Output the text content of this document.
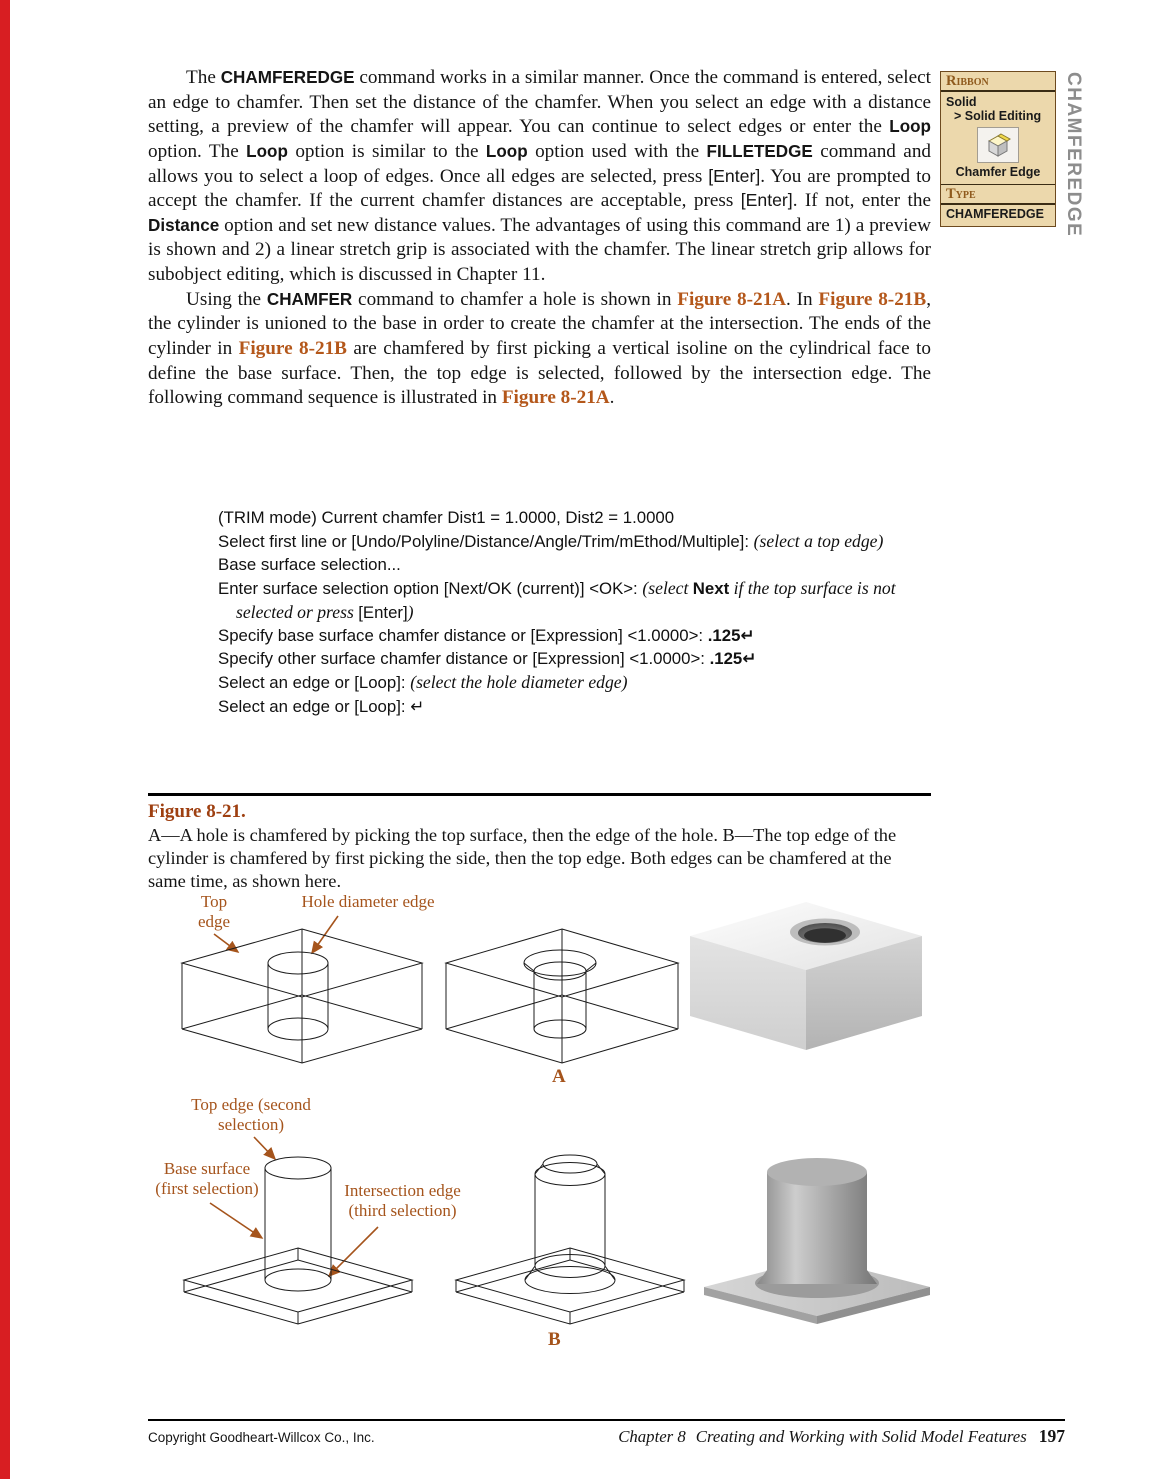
CHAMFEREDGE
Ribbon
Solid
> Solid Editing
Chamfer Edge
Type
CHAMFEREDGE

The CHAMFEREDGE command works in a similar manner. Once the command is entered, select an edge to chamfer. Then set the distance of the chamfer. When you select an edge with a distance setting, a preview of the chamfer will appear. You can continue to select edges or enter the Loop option. The Loop option is similar to the Loop option used with the FILLETEDGE command and allows you to select a loop of edges. Once all edges are selected, press [Enter]. You are prompted to accept the chamfer. If the current chamfer distances are acceptable, press [Enter]. If not, enter the Distance option and set new distance values. The advantages of using this command are 1) a preview is shown and 2) a linear stretch grip is associated with the chamfer. The linear stretch grip allows for subobject editing, which is discussed in Chapter 11.

Using the CHAMFER command to chamfer a hole is shown in Figure 8-21A. In Figure 8-21B, the cylinder is unioned to the base in order to create the chamfer at the intersection. The ends of the cylinder in Figure 8-21B are chamfered by first picking a vertical isoline on the cylindrical face to define the base surface. Then, the top edge is selected, followed by the intersection edge. The following command sequence is illustrated in Figure 8-21A.

(TRIM mode) Current chamfer Dist1 = 1.0000, Dist2 = 1.0000
Select first line or [Undo/Polyline/Distance/Angle/Trim/mEthod/Multiple]: (select a top edge)
Base surface selection...
Enter surface selection option [Next/OK (current)] <OK>: (select Next if the top surface is not selected or press [Enter])
Specify base surface chamfer distance or [Expression] <1.0000>: .125↵
Specify other surface chamfer distance or [Expression] <1.0000>: .125↵
Select an edge or [Loop]: (select the hole diameter edge)
Select an edge or [Loop]: ↵
Figure 8-21.
A—A hole is chamfered by picking the top surface, then the edge of the hole. B—The top edge of the cylinder is chamfered by first picking the side, then the top edge. Both edges can be chamfered at the same time, as shown here.
Top edge
Hole diameter edge
A
Top edge (second selection)
Base surface (first selection)	Intersection edge (third selection)
B
Copyright Goodheart-Willcox Co., Inc.	Chapter 8 Creating and Working with Solid Model Features 197
